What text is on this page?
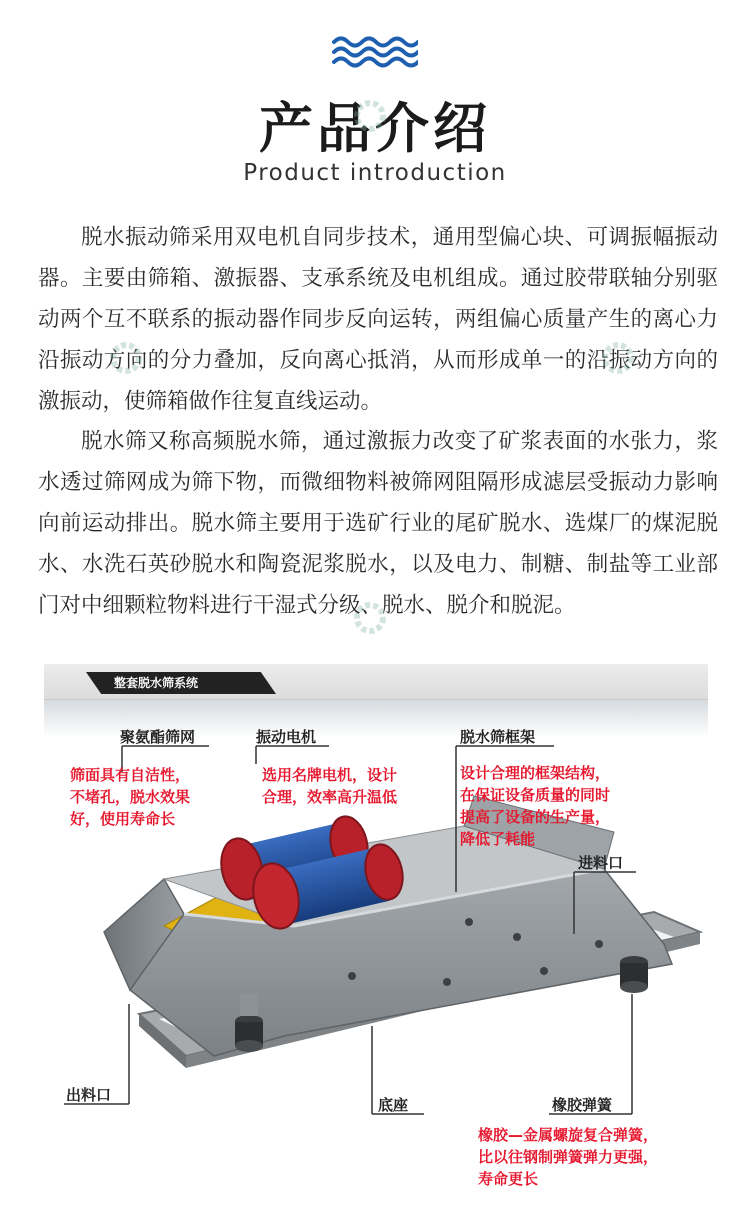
产品介绍
Product introduction

脱水振动筛采用双电机自同步技术，通用型偏心块、可调振幅振动器。主要由筛箱、激振器、支承系统及电机组成。通过胶带联轴分别驱动两个互不联系的振动器作同步反向运转，两组偏心质量产生的离心力沿振动方向的分力叠加，反向离心抵消，从而形成单一的沿振动方向的激振动，使筛箱做作往复直线运动。

脱水筛又称高频脱水筛，通过激振力改变了矿浆表面的水张力，浆水透过筛网成为筛下物，而微细物料被筛网阻隔形成滤层受振动力影响向前运动排出。脱水筛主要用于选矿行业的尾矿脱水、选煤厂的煤泥脱水、水洗石英砂脱水和陶瓷泥浆脱水，以及电力、制糖、制盐等工业部门对中细颗粒物料进行干湿式分级、脱水、脱介和脱泥。

整套脱水筛系统
聚氨酯筛网
筛面具有自洁性，
不堵孔，脱水效果
好，使用寿命长
振动电机
选用名牌电机，设计
合理，效率高升温低
脱水筛框架
设计合理的框架结构，
在保证设备质量的同时
提高了设备的生产量，
降低了耗能
进料口
出料口
底座	橡胶弹簧
橡胶—金属螺旋复合弹簧，
比以往钢制弹簧弹力更强，
寿命更长
